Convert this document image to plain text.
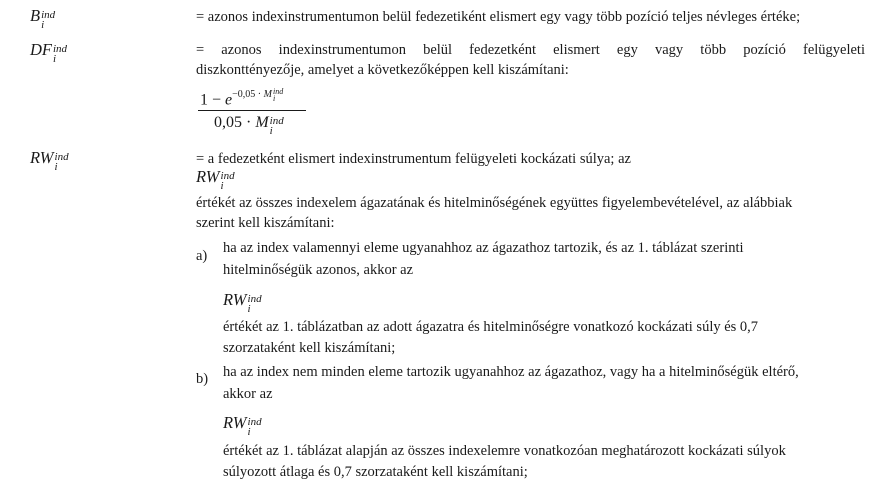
B ind
i
= azonos indexinstrumentumon belül fedezetiként elismert egy vagy több pozíció teljes névleges értéke;
DF ind
i
= azonos indexinstrumentumon belül fedezetként elismert egy vagy több pozíció felügyeleti
diszkonttényezője, amelyet a következőképpen kell kiszámítani:
$1 - e^{-0,05 \cdot M ind i}$
0,05 · M ind
i
RW ind
i
= a fedezetként elismert indexinstrumentum felügyeleti kockázati súlya; az
RW ind
i
értékét az összes indexelem ágazatának és hitelminőségének együttes figyelembevételével, az alábbiak
szerint kell kiszámítani:
a) ha az index valamennyi eleme ugyanahhoz az ágazathoz tartozik, és az 1. táblázat szerinti
hitelminőségük azonos, akkor az
RW ind
i
értékét az 1. táblázatban az adott ágazatra és hitelminőségre vonatkozó kockázati súly és 0,7
szorzataként kell kiszámítani;
b) ha az index nem minden eleme tartozik ugyanahhoz az ágazathoz, vagy ha a hitelminőségük eltérő,
akkor az
RW ind
i
értékét az 1. táblázat alapján az összes indexelemre vonatkozóan meghatározott kockázati súlyok
súlyozott átlaga és 0,7 szorzataként kell kiszámítani;
